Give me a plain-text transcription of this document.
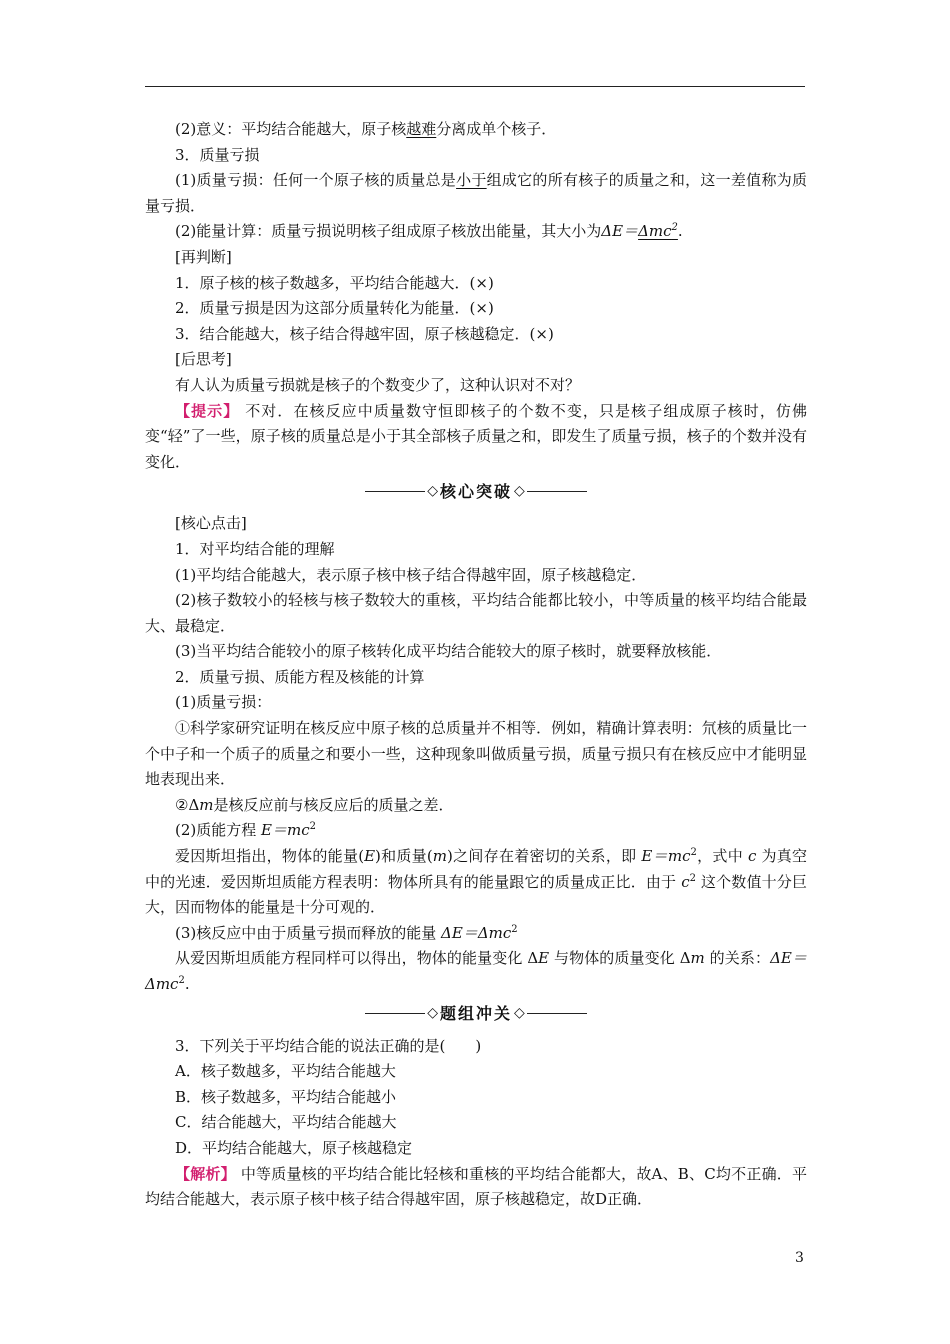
(2)意义：平均结合能越大，原子核越难分离成单个核子．

3．质量亏损

(1)质量亏损：任何一个原子核的质量总是小于组成它的所有核子的质量之和，这一差值称为质量亏损．

(2)能量计算：质量亏损说明核子组成原子核放出能量，其大小为ΔE＝Δmc$^2$.

[再判断]

1．原子核的核子数越多，平均结合能越大．(×)

2．质量亏损是因为这部分质量转化为能量．(×)

3．结合能越大，核子结合得越牢固，原子核越稳定．(×)

[后思考]

有人认为质量亏损就是核子的个数变少了，这种认识对不对？

【提示】 不对．在核反应中质量数守恒即核子的个数不变，只是核子组成原子核时，仿佛变“轻”了一些，原子核的质量总是小于其全部核子质量之和，即发生了质量亏损，核子的个数并没有变化．

◇ 核心突破 ◇

[核心点击]

1．对平均结合能的理解

(1)平均结合能越大，表示原子核中核子结合得越牢固，原子核越稳定．

(2)核子数较小的轻核与核子数较大的重核，平均结合能都比较小，中等质量的核平均结合能最大、最稳定．

(3)当平均结合能较小的原子核转化成平均结合能较大的原子核时，就要释放核能．

2．质量亏损、质能方程及核能的计算

(1)质量亏损：

①科学家研究证明在核反应中原子核的总质量并不相等．例如，精确计算表明：氘核的质量比一个中子和一个质子的质量之和要小一些，这种现象叫做质量亏损，质量亏损只有在核反应中才能明显地表现出来．

②Δm是核反应前与核反应后的质量之差．

(2)质能方程 $E=mc^2$

爱因斯坦指出，物体的能量(E)和质量(m)之间存在着密切的关系，即 $E=mc^2$，式中 c 为真空中的光速．爱因斯坦质能方程表明：物体所具有的能量跟它的质量成正比．由于 $c^2$ 这个数值十分巨大，因而物体的能量是十分可观的．

(3)核反应中由于质量亏损而释放的能量 ΔE＝Δmc$^2$

从爱因斯坦质能方程同样可以得出，物体的能量变化 ΔE 与物体的质量变化 Δm 的关系：ΔE＝Δmc$^2$.

◇ 题组冲关 ◇

3．下列关于平均结合能的说法正确的是(　　)

A．核子数越多，平均结合能越大

B．核子数越多，平均结合能越小

C．结合能越大，平均结合能越大

D．平均结合能越大，原子核越稳定

【解析】 中等质量核的平均结合能比轻核和重核的平均结合能都大，故A、B、C均不正确．平均结合能越大，表示原子核中核子结合得越牢固，原子核越稳定，故D正确．

3
